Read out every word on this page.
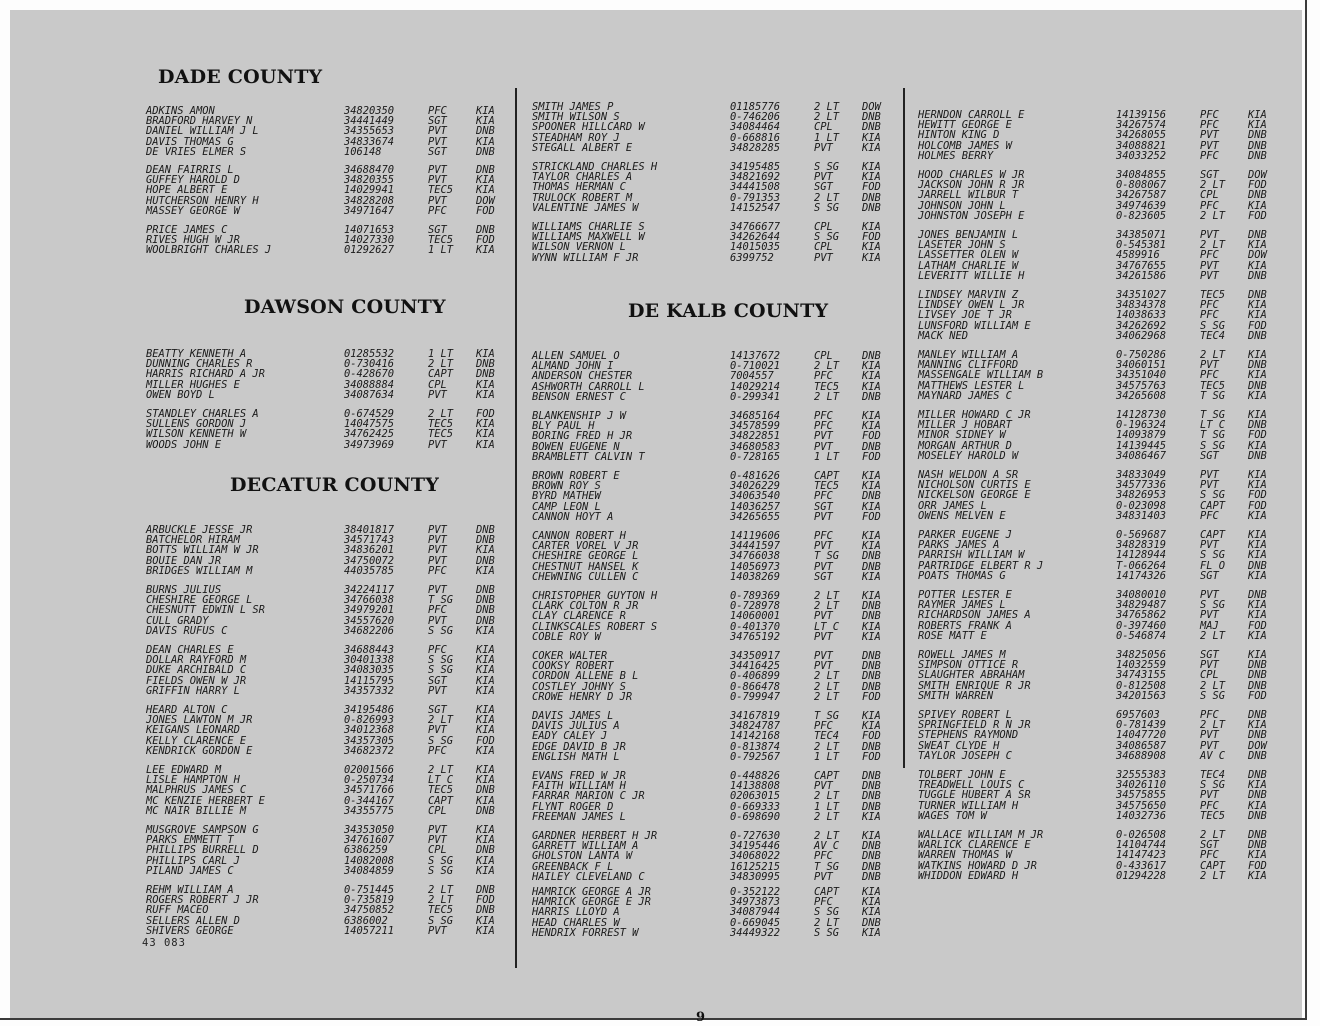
DADE COUNTY
ADKINS AMON	34820350	PFC	KIA
BRADFORD HARVEY N	34441449	SGT	KIA
DANIEL WILLIAM J L	34355653	PVT	DNB
DAVIS THOMAS G	34833674	PVT	KIA
DE VRIES ELMER S	106148	SGT	DNB
DEAN FAIRRIS L	34688470	PVT	DNB
GUFFEY HAROLD D	34820355	PVT	KIA
HOPE ALBERT E	14029941	TEC5 KIA
HUTCHERSON HENRY H	34828208	PVT	DOW
MASSEY GEORGE W	34971647	PFC	FOD
PRICE JAMES C	14071653	SGT	DNB
RIVES HUGH W JR	14027330	TEC5 FOD
WOOLBRIGHT CHARLES J	01292627	1 LT KIA
DAWSON COUNTY
BEATTY KENNETH A	01285532	1 LT KIA
DUNNING CHARLES R	0-730416	2 LT DNB
HARRIS RICHARD A JR	0-428670	CAPT DNB
MILLER HUGHES E	34088884	CPL	KIA
OWEN BOYD L	34087634	PVT	KIA
STANDLEY CHARLES A	0-674529	2 LT FOD
SULLENS GORDON J	14047575	TEC5 KIA
WILSON KENNETH W	34762425	TEC5 KIA
WOODS JOHN E	34973969	PVT	KIA
DECATUR COUNTY
ARBUCKLE JESSE JR	38401817	PVT	DNB
BATCHELOR HIRAM	34571743	PVT	DNB
BOTTS WILLIAM W JR	34836201	PVT	KIA
BOUIE DAN JR	34750072	PVT	DNB
BRIDGES WILLIAM M	44035785	PFC	KIA
BURNS JULIUS	34224117	PVT	DNB
CHESHIRE GEORGE L	34766038	T SG DNB
CHESNUTT EDWIN L SR	34979201	PFC	DNB
CULL GRADY	34557620	PVT	DNB
DAVIS RUFUS C	34682206	S SG KIA
DEAN CHARLES E	34688443	PFC	KIA
DOLLAR RAYFORD M	30401338	S SG KIA
DUKE ARCHIBALD C	34083035	S SG KIA
FIELDS OWEN W JR	14115795	SGT	KIA
GRIFFIN HARRY L	34357332	PVT	KIA
HEARD ALTON C	34195486	SGT	KIA
JONES LAWTON M JR	0-826993	2 LT KIA
KEIGANS LEONARD	34012368	PVT	KIA
KELLY CLARENCE E	34357305	S SG FOD
KENDRICK GORDON E	34682372	PFC	KIA
LEE EDWARD M	02001566	2 LT KIA
LISLE HAMPTON H	0-250734	LT C KIA
MALPHRUS JAMES C	34571766	TEC5 DNB
MC KENZIE HERBERT E	0-344167	CAPT KIA
MC NAIR BILLIE M	34355775	CPL	DNB
MUSGROVE SAMPSON G	34353050	PVT	KIA
PARKS EMMETT T	34761607	PVT	KIA
PHILLIPS BURRELL D	6386259	CPL	DNB
PHILLIPS CARL J	14082008	S SG KIA
PILAND JAMES C	34084859	S SG KIA
REHM WILLIAM A	0-751445	2 LT DNB
ROGERS ROBERT J JR	0-735819	2 LT FOD
RUFF MACEO	34750852	TEC5 DNB
SELLERS ALLEN D	6386002	S SG KIA
SHIVERS GEORGE	14057211	PVT	KIA
SMITH JAMES P	01185776	2 LT DOW
SMITH WILSON S	0-746206	2 LT DNB
SPOONER HILLCARD W	34084464	CPL	DNB
STEADHAM ROY J	0-668816	1 LT KIA
STEGALL ALBERT E	34828285	PVT	KIA
STRICKLAND CHARLES H	34195485	S SG KIA
TAYLOR CHARLES A	34821692	PVT	KIA
THOMAS HERMAN C	34441508	SGT	FOD
TRULOCK ROBERT M	0-791353	2 LT DNB
VALENTINE JAMES W	14152547	S SG DNB
WILLIAMS CHARLIE S	34766677	CPL	KIA
WILLIAMS MAXWELL W	34262644	S SG FOD
WILSON VERNON L	14015035	CPL	KIA
WYNN WILLIAM F JR	6399752	PVT	KIA
DE KALB COUNTY
ALLEN SAMUEL O	14137672	CPL	DNB
ALMAND JOHN I	0-710021	2 LT KIA
ANDERSON CHESTER	7004557	PFC	KIA
ASHWORTH CARROLL L	14029214	TEC5 KIA
BENSON ERNEST C	0-299341	2 LT DNB
BLANKENSHIP J W	34685164	PFC	KIA
BLY PAUL H	34578599	PFC	KIA
BORING FRED H JR	34822851	PVT	FOD
BOWEN EUGENE N	34680583	PVT	DNB
BRAMBLETT CALVIN T	0-728165	1 LT FOD
BROWN ROBERT E	0-481626	CAPT KIA
BROWN ROY S	34026229	TEC5 KIA
BYRD MATHEW	34063540	PFC	DNB
CAMP LEON L	14036257	SGT	KIA
CANNON HOYT A	34265655	PVT	FOD
CANNON ROBERT H	14119606	PFC	KIA
CARTER VOREL V JR	34441597	PVT	KIA
CHESHIRE GEORGE L	34766038	T SG DNB
CHESTNUT HANSEL K	14056973	PVT	DNB
CHEWNING CULLEN C	14038269	SGT	KIA
CHRISTOPHER GUYTON H	0-789369	2 LT KIA
CLARK COLTON R JR	0-728978	2 LT DNB
CLAY CLARENCE R	14060001	PVT	DNB
CLINKSCALES ROBERT S	0-401370	LT C KIA
COBLE ROY W	34765192	PVT	KIA
COKER WALTER	34350917	PVT	DNB
COOKSY ROBERT	34416425	PVT	DNB
CORDON ALLENE B L	0-406899	2 LT DNB
COSTLEY JOHNY S	0-866478	2 LT DNB
CROWE HENRY D JR	0-799947	2 LT FOD
DAVIS JAMES L	34167819	T SG KIA
DAVIS JULIUS A	34824787	PFC	KIA
EADY CALEY J	14142168	TEC4 FOD
EDGE DAVID B JR	0-813874	2 LT DNB
ENGLISH MATH L	0-792567	1 LT FOD
EVANS FRED W JR	0-448826	CAPT DNB
FAITH WILLIAM H	14138808	PVT	DNB
FARRAR MARION C JR	02063015	2 LT DNB
FLYNT ROGER D	0-669333	1 LT DNB
FREEMAN JAMES L	0-698690	2 LT KIA
GARDNER HERBERT H JR	0-727630	2 LT KIA
GARRETT WILLIAM A	34195446	AV C DNB
GHOLSTON LANTA W	34068022	PFC	DNB
GREENBACK F L	16125215	T SG DNB
HAILEY CLEVELAND C	34830995	PVT	DNB
HAMRICK GEORGE A JR	0-352122	CAPT KIA
HAMRICK GEORGE E JR	34973873	PFC	KIA
HARRIS LLOYD A	34087944	S SG KIA
HEAD CHARLES W	0-669045	2 LT DNB
HENDRIX FORREST W	34449322	S SG KIA
HERNDON CARROLL E	14139156	PFC	KIA
HEWITT GEORGE E	34267574	PFC	KIA
HINTON KING D	34268055	PVT	DNB
HOLCOMB JAMES W	34088821	PVT	DNB
HOLMES BERRY	34033252	PFC	DNB
HOOD CHARLES W JR	34084855	SGT	DOW
JACKSON JOHN R JR	0-808067	2 LT FOD
JARRELL WILBUR T	34267587	CPL	DNB
JOHNSON JOHN L	34974639	PFC	KIA
JOHNSTON JOSEPH E	0-823605	2 LT FOD
JONES BENJAMIN L	34385071	PVT	DNB
LASETER JOHN S	0-545381	2 LT KIA
LASSETTER OLEN W	4589916	PFC	DOW
LATHAM CHARLIE W	34767655	PVT	KIA
LEVERITT WILLIE H	34261586	PVT	DNB
LINDSEY MARVIN Z	34351027	TEC5 DNB
LINDSEY OWEN L JR	34834378	PFC	KIA
LIVSEY JOE T JR	14038633	PFC	KIA
LUNSFORD WILLIAM E	34262692	S SG FOD
MACK NED	34062968	TEC4 DNB
MANLEY WILLIAM A	0-750286	2 LT KIA
MANNING CLIFFORD	34060151	PVT	DNB
MASSENGALE WILLIAM B	34351040	PFC	KIA
MATTHEWS LESTER L	34575763	TEC5 DNB
MAYNARD JAMES C	34265608	T SG KIA
MILLER HOWARD C JR	14128730	T SG KIA
MILLER J HOBART	0-196324	LT C DNB
MINOR SIDNEY W	14093879	T SG FOD
MORGAN ARTHUR D	14139445	S SG KIA
MOSELEY HAROLD W	34086467	SGT	DNB
NASH WELDON A SR	34833049	PVT	KIA
NICHOLSON CURTIS E	34577336	PVT	KIA
NICKELSON GEORGE E	34826953	S SG FOD
ORR JAMES L	0-023098	CAPT FOD
OWENS MELVEN E	34831403	PFC	KIA
PARKER EUGENE J	0-569687	CAPT KIA
PARKS JAMES A	34828319	PVT	KIA
PARRISH WILLIAM W	14128944	S SG KIA
PARTRIDGE ELBERT R J	T-066264	FL O DNB
POATS THOMAS G	14174326	SGT	KIA
POTTER LESTER E	34080010	PVT	DNB
RAYMER JAMES L	34829487	S SG KIA
RICHARDSON JAMES A	34765862	PVT	KIA
ROBERTS FRANK A	0-397460	MAJ	FOD
ROSE MATT E	0-546874	2 LT KIA
ROWELL JAMES M	34825056	SGT	KIA
SIMPSON OTTICE R	14032559	PVT	DNB
SLAUGHTER ABRAHAM	34743155	CPL	DNB
SMITH ENRIQUE R JR	0-812508	2 LT DNB
SMITH WARREN	34201563	S SG FOD
SPIVEY ROBERT L	6957603	PFC	DNB
SPRINGFIELD R N JR	0-781439	2 LT KIA
STEPHENS RAYMOND	14047720	PVT	DNB
SWEAT CLYDE H	34086587	PVT	DOW
TAYLOR JOSEPH C	34688908	AV C DNB
TOLBERT JOHN E	32555383	TEC4 DNB
TREADWELL LOUIS C	34026110	S SG KIA
TUGGLE HUBERT A SR	34575855	PVT	DNB
TURNER WILLIAM H	34575650	PFC	KIA
WAGES TOM W	14032736	TEC5 DNB
WALLACE WILLIAM M JR	0-026508	2 LT DNB
WARLICK CLARENCE E	14104744	SGT	DNB
WARREN THOMAS W	14147423	PFC	KIA
WATKINS HOWARD D JR	0-433617	CAPT FOD
WHIDDON EDWARD H	01294228	2 LT KIA
43 083
9
